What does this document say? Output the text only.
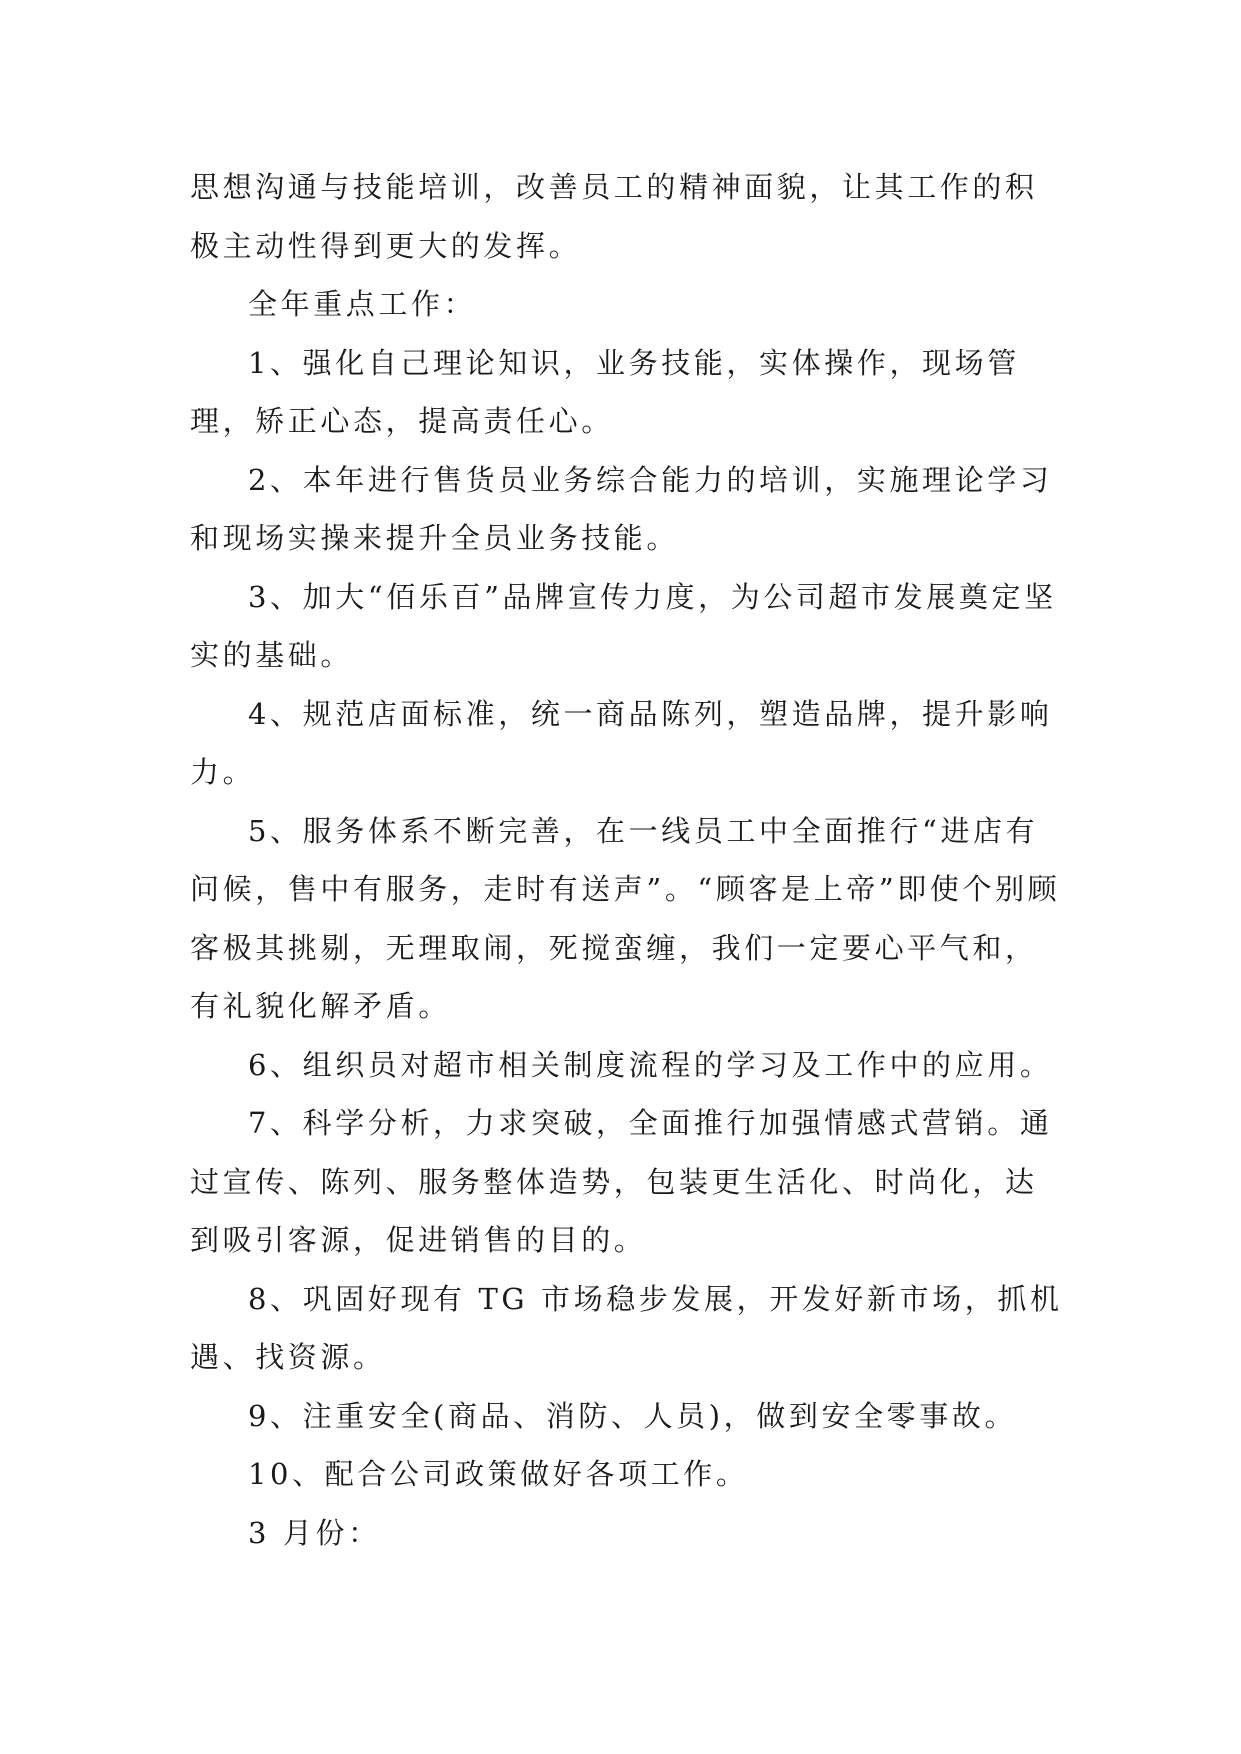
思想沟通与技能培训，改善员工的精神面貌，让其工作的积极主动性得到更大的发挥。

全年重点工作：

1、强化自己理论知识，业务技能，实体操作，现场管理，矫正心态，提高责任心。

2、本年进行售货员业务综合能力的培训，实施理论学习和现场实操来提升全员业务技能。

3、加大“佰乐百”品牌宣传力度，为公司超市发展奠定坚实的基础。

4、规范店面标准，统一商品陈列，塑造品牌，提升影响力。

5、服务体系不断完善，在一线员工中全面推行“进店有问候，售中有服务，走时有送声”。“顾客是上帝”即使个别顾客极其挑剔，无理取闹，死搅蛮缠，我们一定要心平气和，有礼貌化解矛盾。

6、组织员对超市相关制度流程的学习及工作中的应用。

7、科学分析，力求突破，全面推行加强情感式营销。通过宣传、陈列、服务整体造势，包装更生活化、时尚化，达到吸引客源，促进销售的目的。

8、巩固好现有 TG 市场稳步发展，开发好新市场，抓机遇、找资源。

9、注重安全(商品、消防、人员)，做到安全零事故。

10、配合公司政策做好各项工作。

3 月份：
